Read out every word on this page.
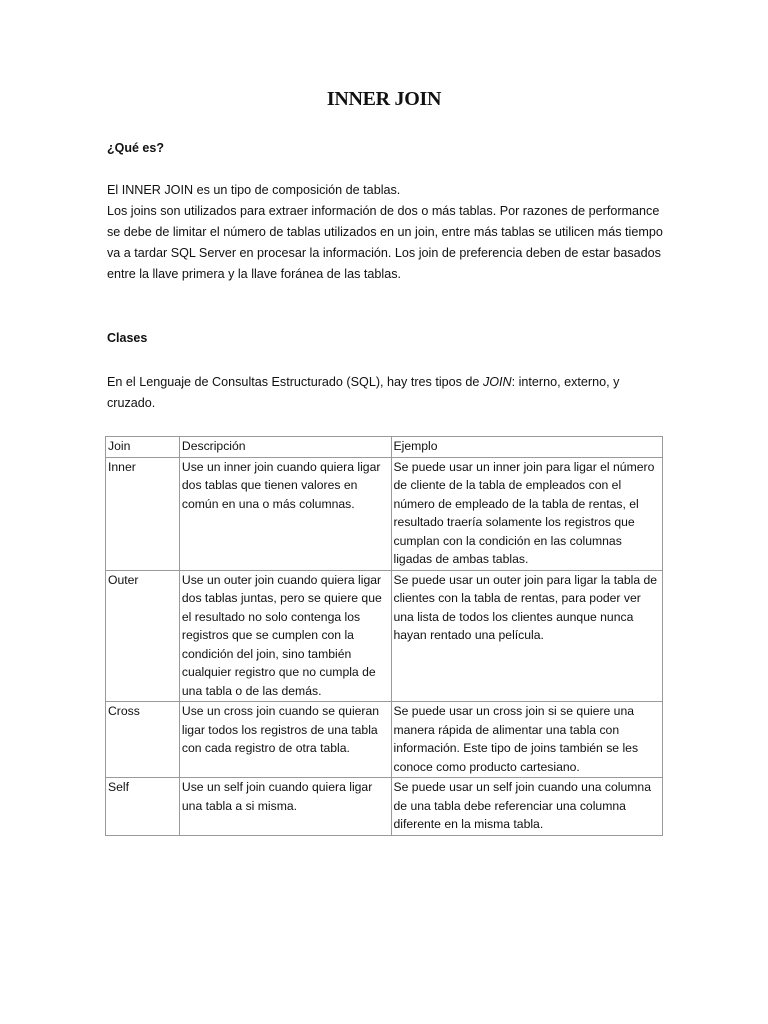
INNER JOIN
¿Qué es?

El INNER JOIN es un tipo de composición de tablas.

Los joins son utilizados para extraer información de dos o más tablas. Por razones de performance se debe de limitar el número de tablas utilizados en un join, entre más tablas se utilicen más tiempo va a tardar SQL Server en procesar la información. Los join de preferencia deben de estar basados entre la llave primera y la llave foránea de las tablas.

Clases

En el Lenguaje de Consultas Estructurado (SQL), hay tres tipos de JOIN: interno, externo, y cruzado.

Join	Descripción	Ejemplo
Inner	Use un inner join cuando quiera ligar dos tablas que tienen valores en común en una o más columnas.	Se puede usar un inner join para ligar el número de cliente de la tabla de empleados con el número de empleado de la tabla de rentas, el resultado traería solamente los registros que cumplan con la condición en las columnas ligadas de ambas tablas.
Outer	Use un outer join cuando quiera ligar dos tablas juntas, pero se quiere que el resultado no solo contenga los registros que se cumplen con la condición del join, sino también cualquier registro que no cumpla de una tabla o de las demás.	Se puede usar un outer join para ligar la tabla de clientes con la tabla de rentas, para poder ver una lista de todos los clientes aunque nunca hayan rentado una película.
Cross	Use un cross join cuando se quieran ligar todos los registros de una tabla con cada registro de otra tabla.	Se puede usar un cross join si se quiere una manera rápida de alimentar una tabla con información. Este tipo de joins también se les conoce como producto cartesiano.
Self	Use un self join cuando quiera ligar una tabla a si misma.	Se puede usar un self join cuando una columna de una tabla debe referenciar una columna diferente en la misma tabla.
